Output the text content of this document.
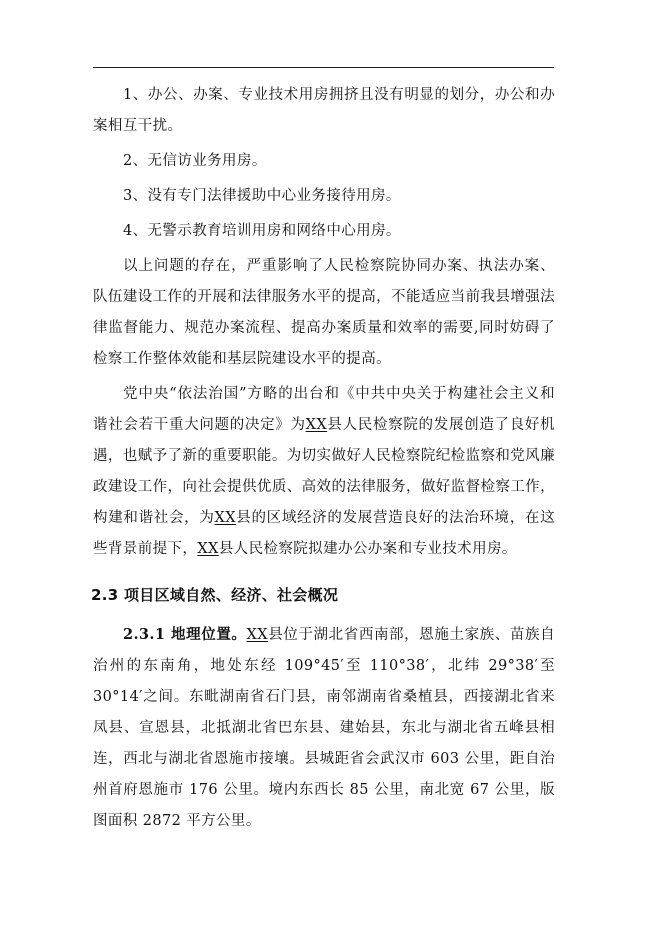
1、办公、办案、专业技术用房拥挤且没有明显的划分，办公和办案相互干扰。

2、无信访业务用房。

3、没有专门法律援助中心业务接待用房。

4、无警示教育培训用房和网络中心用房。

以上问题的存在，严重影响了人民检察院协同办案、执法办案、队伍建设工作的开展和法律服务水平的提高，不能适应当前我县增强法律监督能力、规范办案流程、提高办案质量和效率的需要,同时妨碍了检察工作整体效能和基层院建设水平的提高。

党中央“依法治国”方略的出台和《中共中央关于构建社会主义和谐社会若干重大问题的决定》为XX县人民检察院的发展创造了良好机遇，也赋予了新的重要职能。为切实做好人民检察院纪检监察和党风廉政建设工作，向社会提供优质、高效的法律服务，做好监督检察工作，构建和谐社会，为XX县的区域经济的发展营造良好的法治环境，在这些背景前提下，XX县人民检察院拟建办公办案和专业技术用房。

2.3 项目区域自然、经济、社会概况

2.3.1 地理位置。XX县位于湖北省西南部，恩施土家族、苗族自治州的东南角，地处东经 109°45′至 110°38′，北纬 29°38′至 30°14′之间。东毗湖南省石门县，南邻湖南省桑植县，西接湖北省来凤县、宣恩县，北抵湖北省巴东县、建始县，东北与湖北省五峰县相连，西北与湖北省恩施市接壤。县城距省会武汉市 603 公里，距自治州首府恩施市 176 公里。境内东西长 85 公里，南北宽 67 公里，版图面积 2872 平方公里。
